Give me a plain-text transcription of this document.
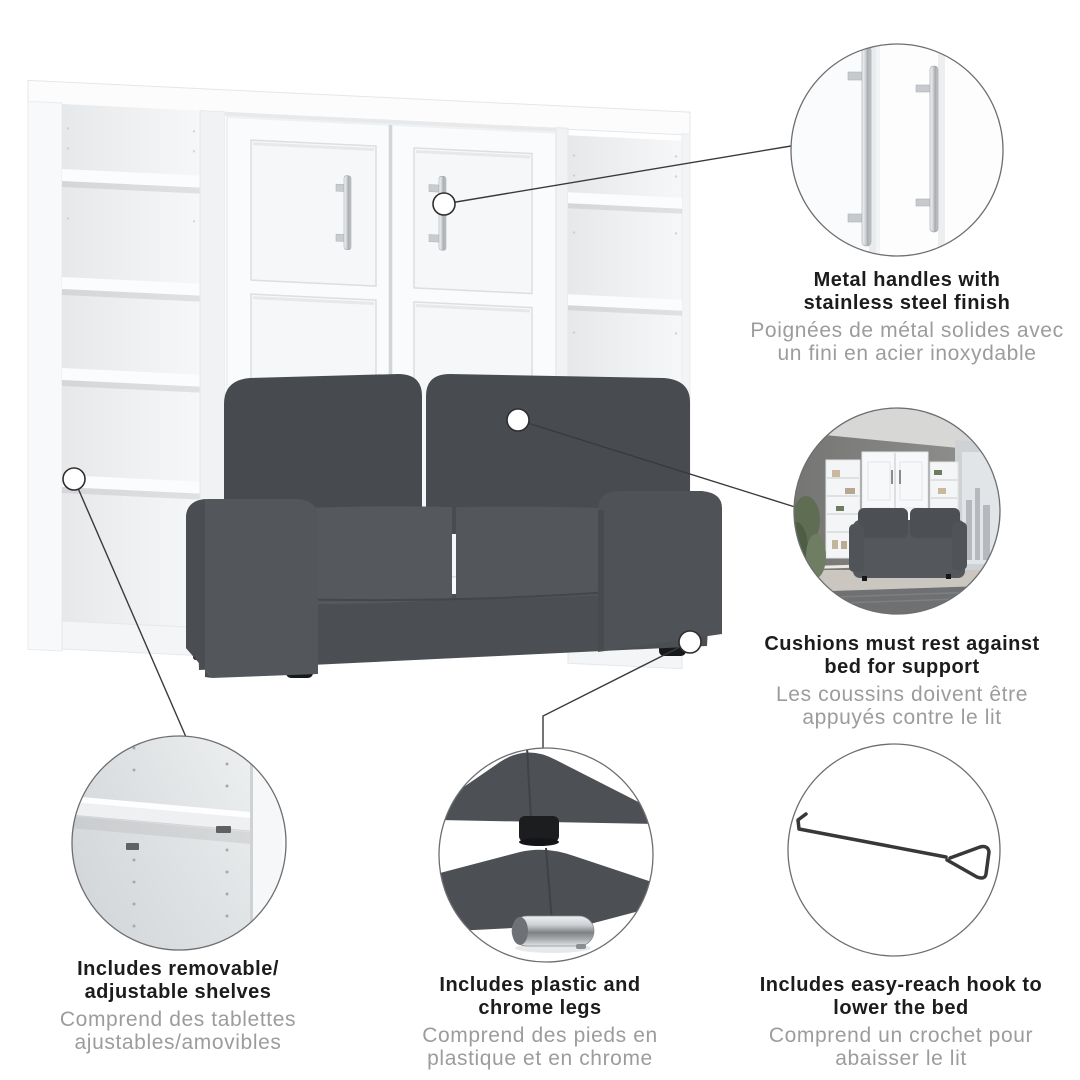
Metal handles with
stainless steel finish
Poignées de métal solides avec
un fini en acier inoxydable
Cushions must rest against
bed for support
Les coussins doivent être
appuyés contre le lit
Includes removable/
adjustable shelves
Comprend des tablettes
ajustables/amovibles
Includes plastic and
chrome legs
Comprend des pieds en
plastique et en chrome
Includes easy-reach hook to
lower the bed
Comprend un crochet pour
abaisser le lit
